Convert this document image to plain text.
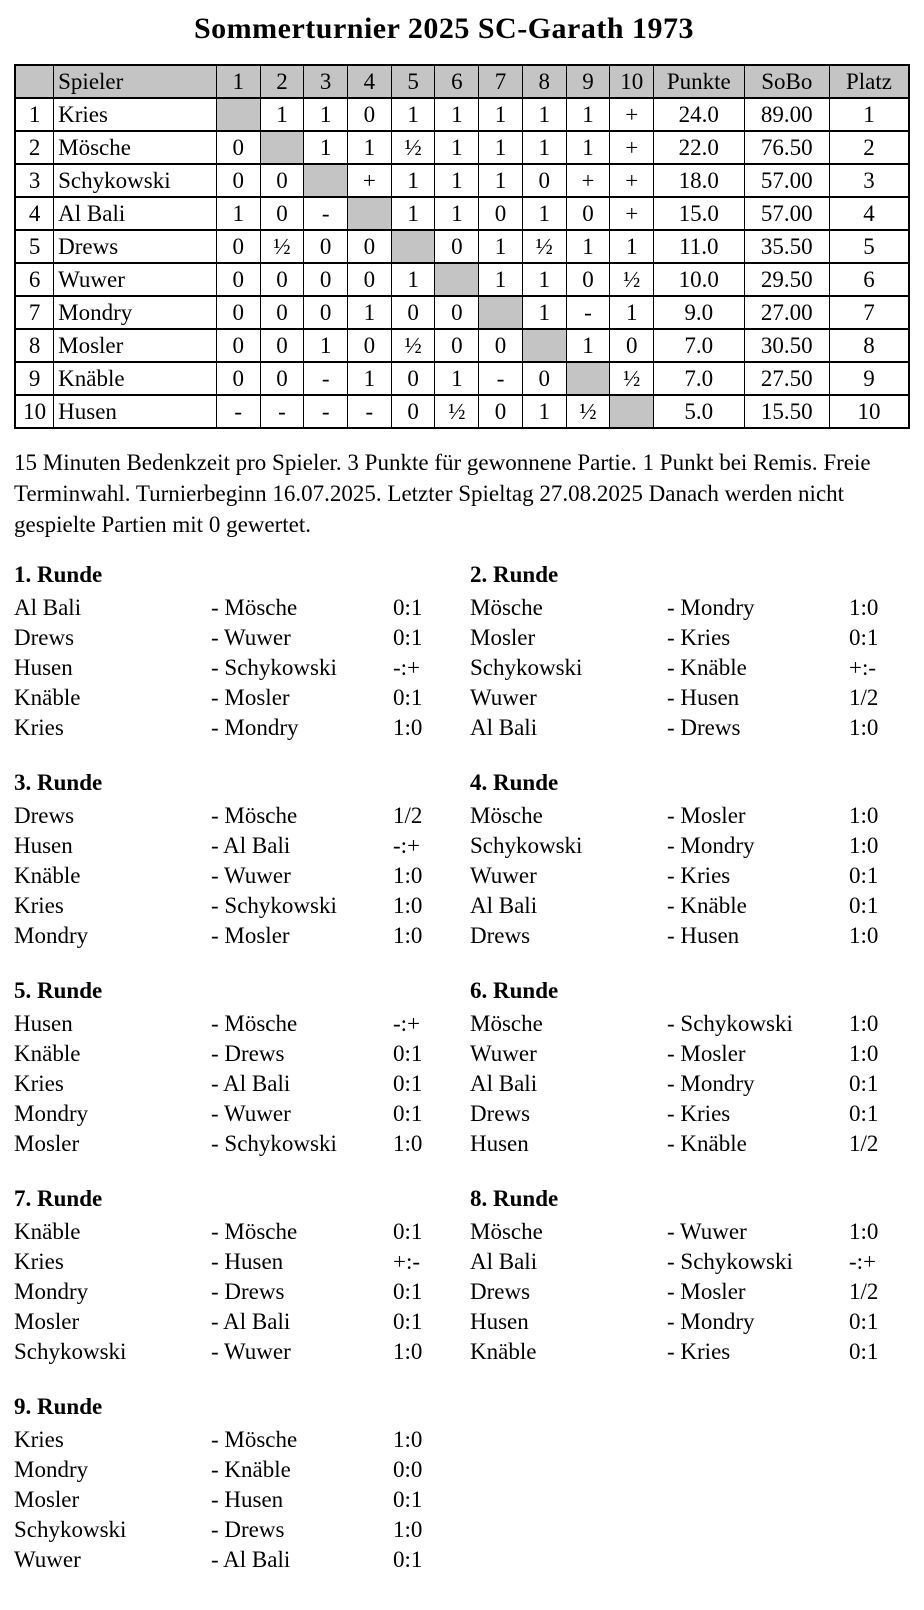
Sommerturnier 2025 SC-Garath 1973
	Spieler	1	2	3	4	5	6	7	8	9	10	Punkte	SoBo	Platz
1	Kries		1	1	0	1	1	1	1	1	+	24.0	89.00	1
2	Mösche	0		1	1	½	1	1	1	1	+	22.0	76.50	2
3	Schykowski	0	0		+	1	1	1	0	+	+	18.0	57.00	3
4	Al Bali	1	0	-		1	1	0	1	0	+	15.0	57.00	4
5	Drews	0	½	0	0		0	1	½	1	1	11.0	35.50	5
6	Wuwer	0	0	0	0	1		1	1	0	½	10.0	29.50	6
7	Mondry	0	0	0	1	0	0		1	-	1	9.0	27.00	7
8	Mosler	0	0	1	0	½	0	0		1	0	7.0	30.50	8
9	Knäble	0	0	-	1	0	1	-	0		½	7.0	27.50	9
10	Husen	-	-	-	-	0	½	0	1	½		5.0	15.50	10

15 Minuten Bedenkzeit pro Spieler. 3 Punkte für gewonnene Partie. 1 Punkt bei Remis. Freie Terminwahl. Turnierbeginn 16.07.2025. Letzter Spieltag 27.08.2025 Danach werden nicht gespielte Partien mit 0 gewertet.

1. Runde
Al Bali	- Mösche	0:1
Drews	- Wuwer	0:1
Husen	- Schykowski	-:+
Knäble	- Mosler	0:1
Kries	- Mondry	1:0
2. Runde
Mösche	- Mondry	1:0
Mosler	- Kries	0:1
Schykowski	- Knäble	+:-
Wuwer	- Husen	1/2
Al Bali	- Drews	1:0
3. Runde
Drews	- Mösche	1/2
Husen	- Al Bali	-:+
Knäble	- Wuwer	1:0
Kries	- Schykowski	1:0
Mondry	- Mosler	1:0
4. Runde
Mösche	- Mosler	1:0
Schykowski	- Mondry	1:0
Wuwer	- Kries	0:1
Al Bali	- Knäble	0:1
Drews	- Husen	1:0
5. Runde
Husen	- Mösche	-:+
Knäble	- Drews	0:1
Kries	- Al Bali	0:1
Mondry	- Wuwer	0:1
Mosler	- Schykowski	1:0
6. Runde
Mösche	- Schykowski	1:0
Wuwer	- Mosler	1:0
Al Bali	- Mondry	0:1
Drews	- Kries	0:1
Husen	- Knäble	1/2
7. Runde
Knäble	- Mösche	0:1
Kries	- Husen	+:-
Mondry	- Drews	0:1
Mosler	- Al Bali	0:1
Schykowski	- Wuwer	1:0
8. Runde
Mösche	- Wuwer	1:0
Al Bali	- Schykowski	-:+
Drews	- Mosler	1/2
Husen	- Mondry	0:1
Knäble	- Kries	0:1
9. Runde
Kries	- Mösche	1:0
Mondry	- Knäble	0:0
Mosler	- Husen	0:1
Schykowski	- Drews	1:0
Wuwer	- Al Bali	0:1
